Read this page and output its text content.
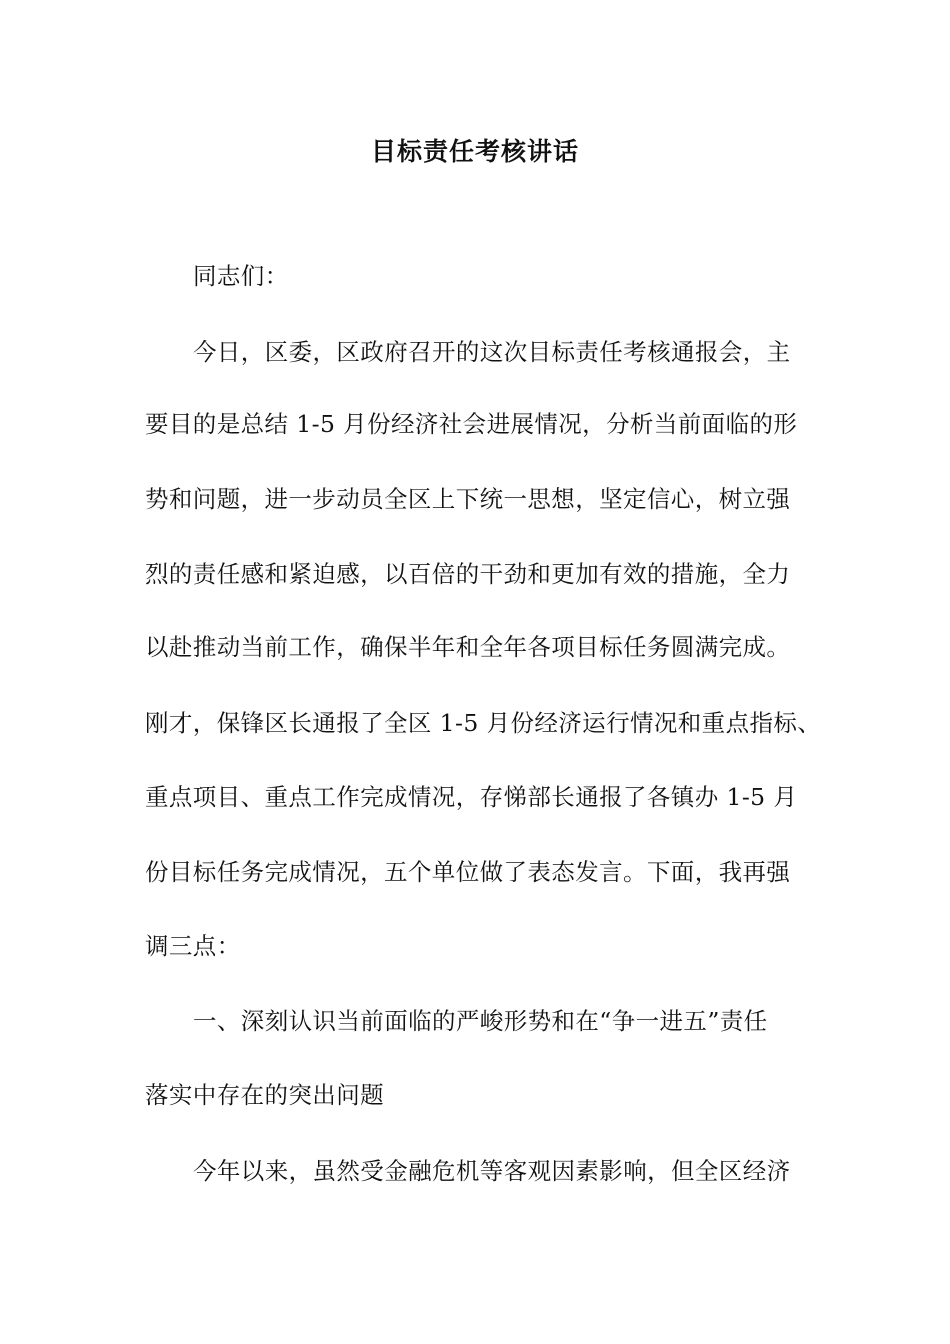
目标责任考核讲话
同志们：
今日，区委，区政府召开的这次目标责任考核通报会，主
要目的是总结 1-5 月份经济社会进展情况，分析当前面临的形
势和问题，进一步动员全区上下统一思想，坚定信心，树立强
烈的责任感和紧迫感，以百倍的干劲和更加有效的措施，全力
以赴推动当前工作，确保半年和全年各项目标任务圆满完成。
刚才，保锋区长通报了全区 1-5 月份经济运行情况和重点指标、
重点项目、重点工作完成情况，存悌部长通报了各镇办 1-5 月
份目标任务完成情况，五个单位做了表态发言。下面，我再强
调三点：
一、深刻认识当前面临的严峻形势和在“争一进五”责任
落实中存在的突出问题
今年以来，虽然受金融危机等客观因素影响，但全区经济
